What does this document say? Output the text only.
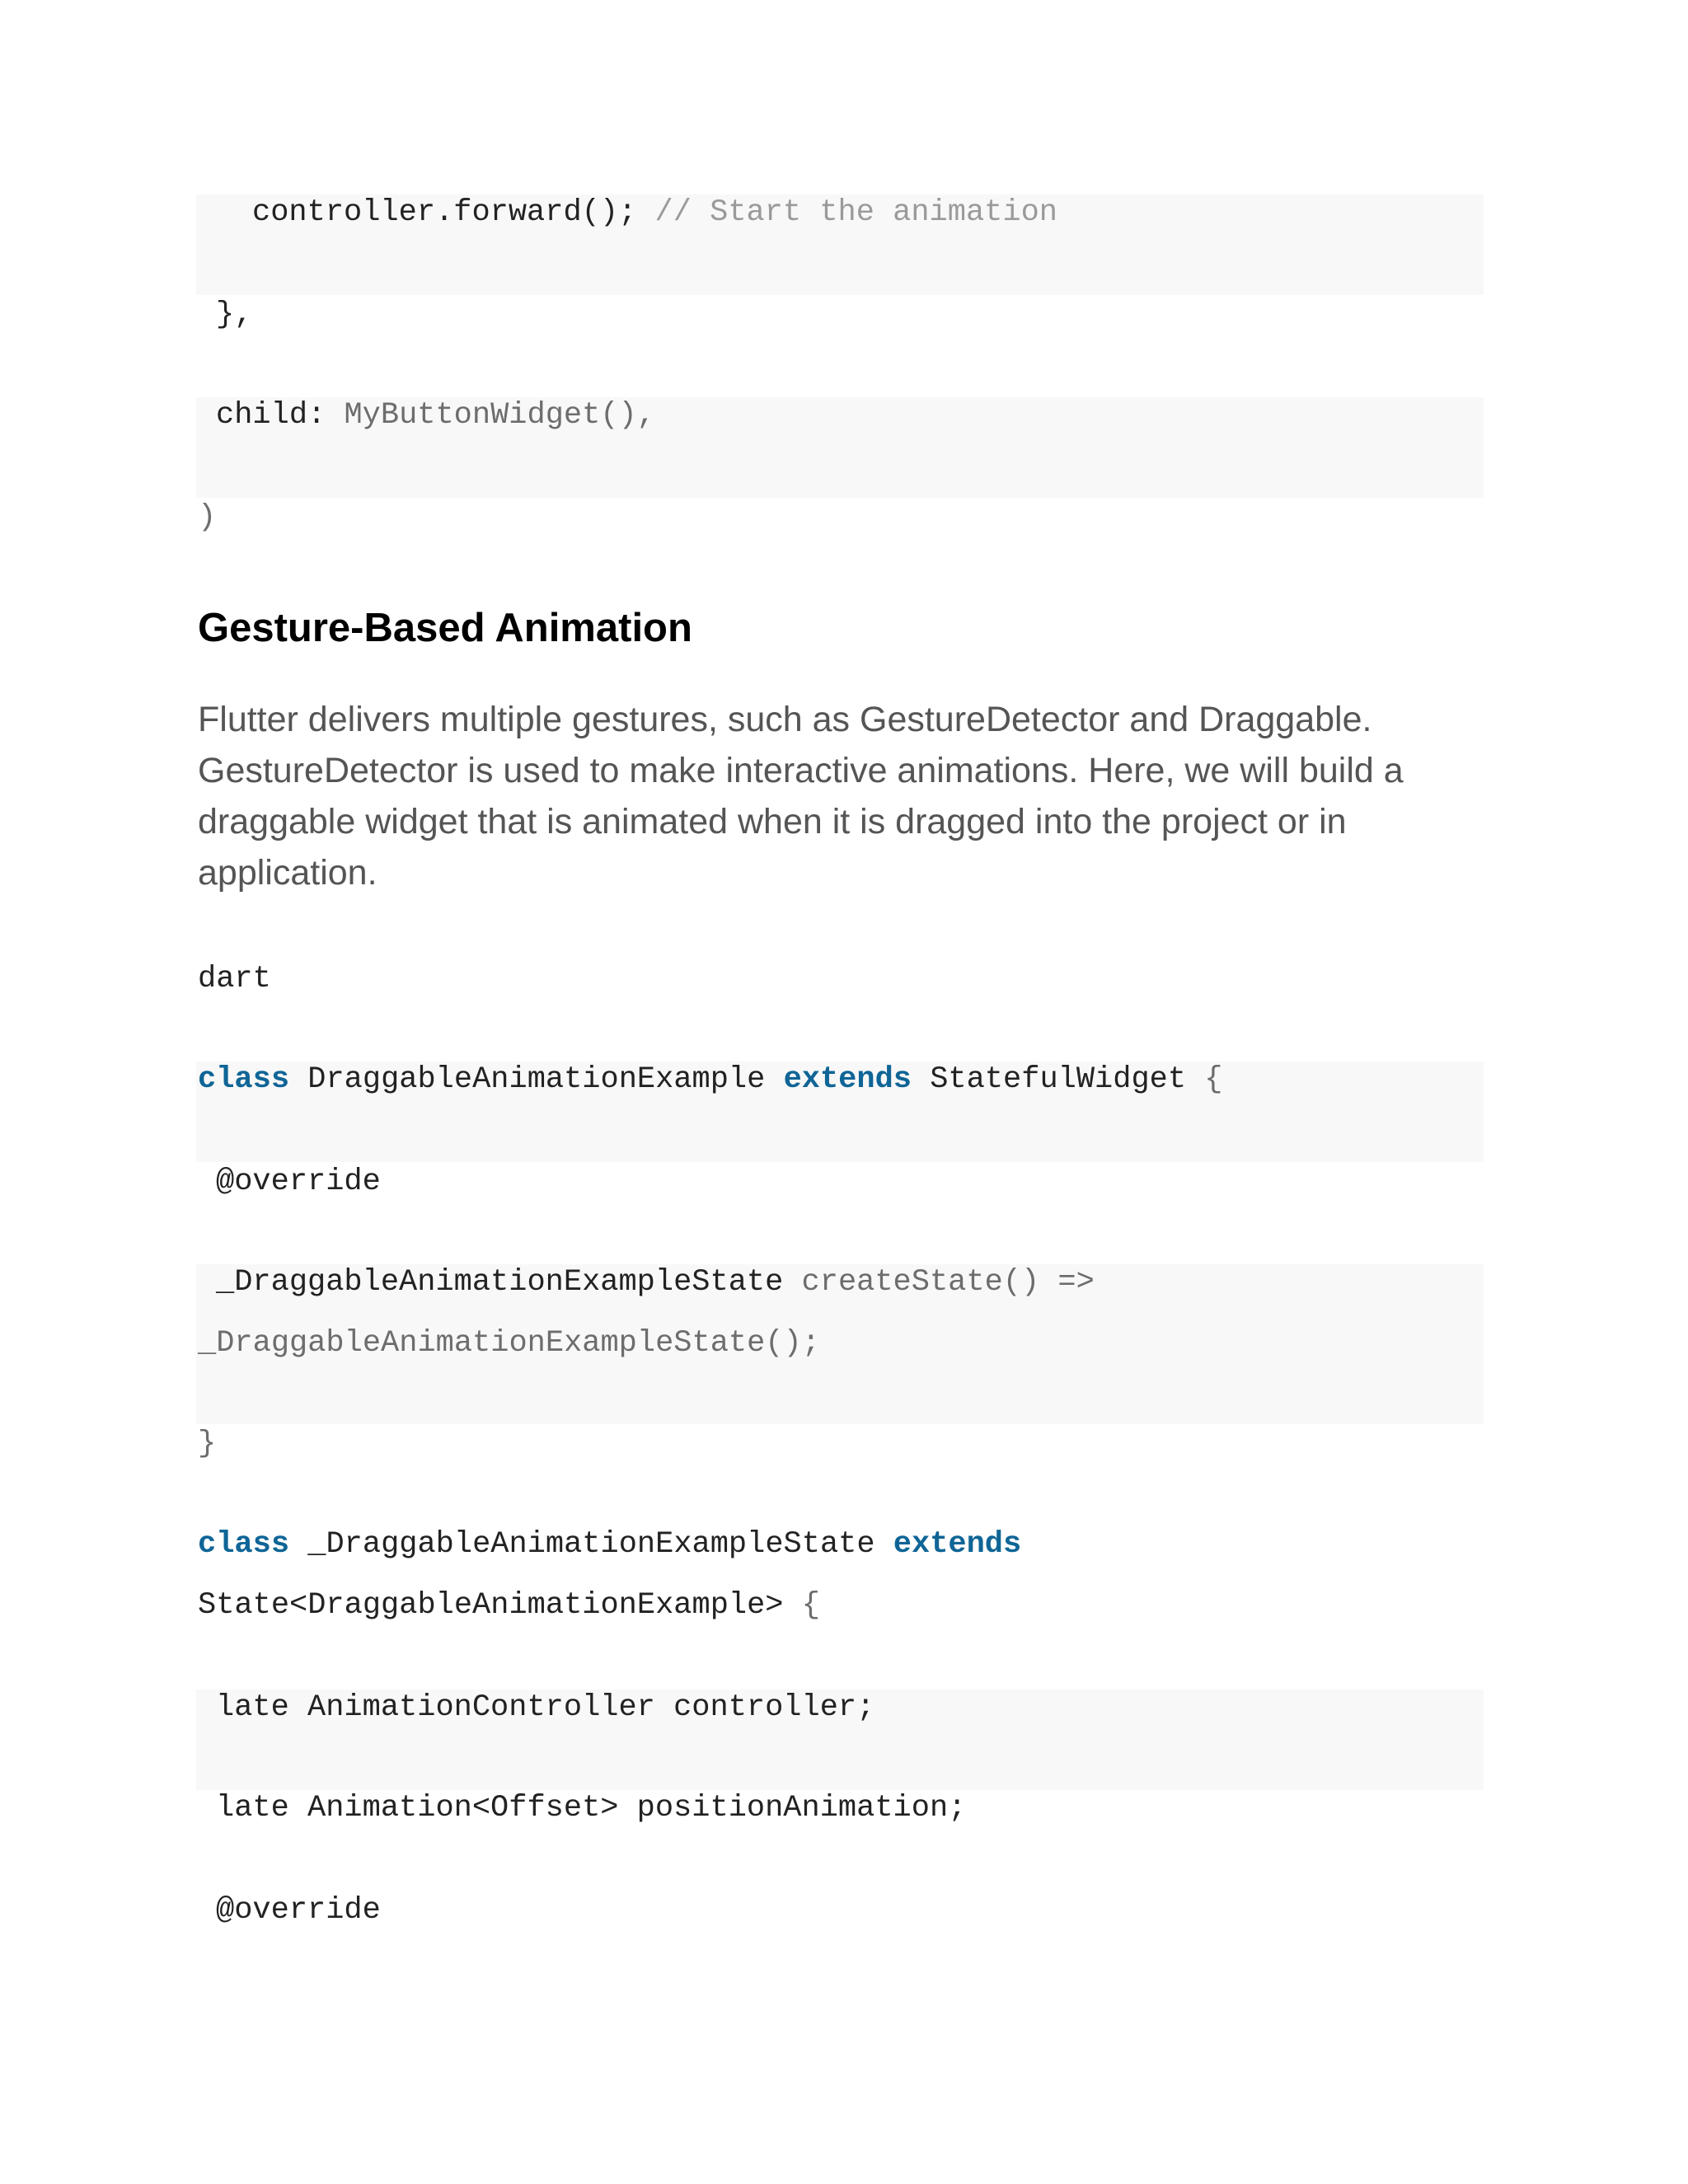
controller.forward(); // Start the animation
},
child: MyButtonWidget(),
)
Gesture-Based Animation

Flutter delivers multiple gestures, such as GestureDetector and Draggable.
GestureDetector is used to make interactive animations. Here, we will build a
draggable widget that is animated when it is dragged into the project or in
application.

dart
class DraggableAnimationExample extends StatefulWidget {
@override
_DraggableAnimationExampleState createState() =>
_DraggableAnimationExampleState();
}
class _DraggableAnimationExampleState extends
State<DraggableAnimationExample> {
late AnimationController controller;
late Animation<Offset> positionAnimation;
@override
